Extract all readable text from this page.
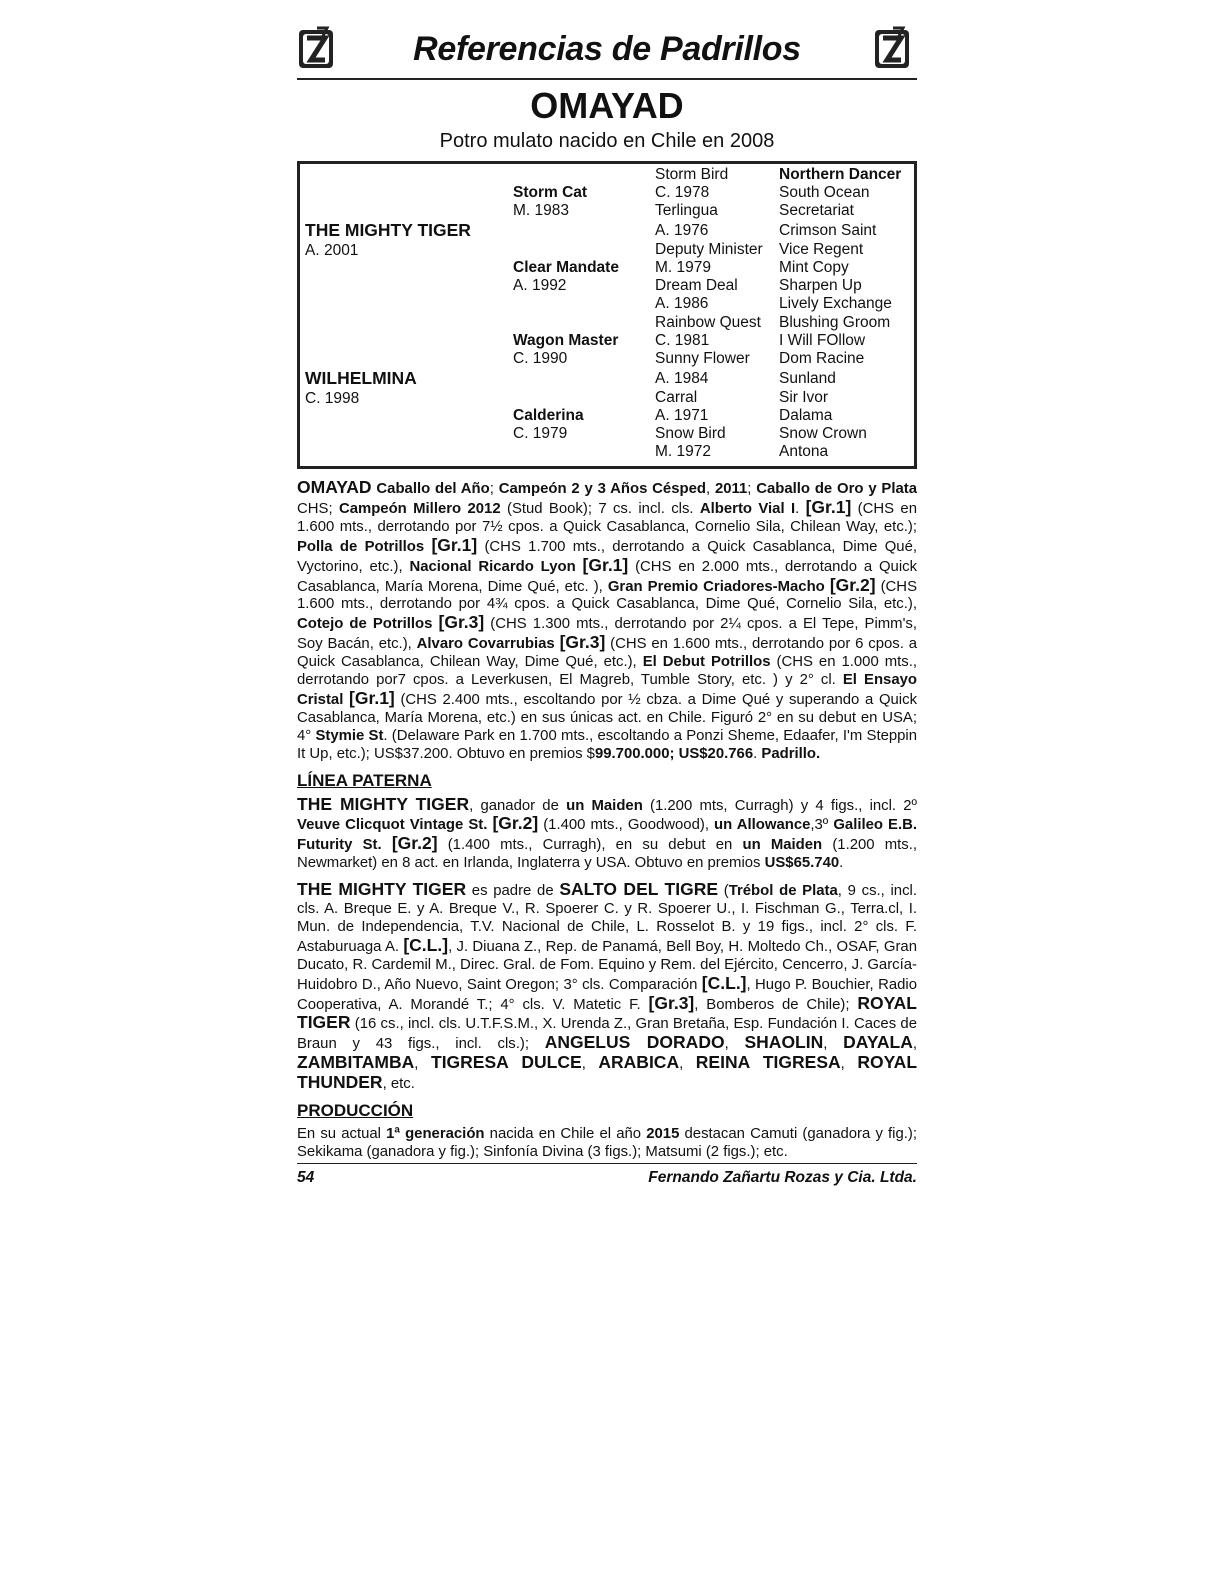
Referencias de Padrillos
OMAYAD
Potro mulato nacido en Chile en 2008
THE MIGHTY TIGER
A. 2001
WILHELMINA
C. 1998
Storm Cat
M. 1983
Clear Mandate
A. 1992
Wagon Master
C. 1990
Calderina
C. 1979
Storm Bird
C. 1978
Terlingua
A. 1976
Deputy Minister
M. 1979
Dream Deal
A. 1986
Rainbow Quest
C. 1981
Sunny Flower
A. 1984
Carral
A. 1971
Snow Bird
M. 1972
Northern Dancer
South Ocean
Secretariat
Crimson Saint
Vice Regent
Mint Copy
Sharpen Up
Lively Exchange
Blushing Groom
I Will FOllow
Dom Racine
Sunland
Sir Ivor
Dalama
Snow Crown
Antona

OMAYAD Caballo del Año; Campeón 2 y 3 Años Césped, 2011; Caballo de Oro y Plata CHS; Campeón Millero 2012 (Stud Book); 7 cs. incl. cls. Alberto Vial I. [Gr.1] (CHS en 1.600 mts., derrotando por 7½ cpos. a Quick Casablanca, Cornelio Sila, Chilean Way, etc.); Polla de Potrillos [Gr.1] (CHS 1.700 mts., derrotando a Quick Casablanca, Dime Qué, Vyctorino, etc.), Nacional Ricardo Lyon [Gr.1] (CHS en 2.000 mts., derrotando a Quick Casablanca, María Morena, Dime Qué, etc. ), Gran Premio Criadores-Macho [Gr.2] (CHS 1.600 mts., derrotando por 4¾ cpos. a Quick Casablanca, Dime Qué, Cornelio Sila, etc.), Cotejo de Potrillos [Gr.3] (CHS 1.300 mts., derrotando por 2¼ cpos. a El Tepe, Pimm's, Soy Bacán, etc.), Alvaro Covarrubias [Gr.3] (CHS en 1.600 mts., derrotando por 6 cpos. a Quick Casablanca, Chilean Way, Dime Qué, etc.), El Debut Potrillos (CHS en 1.000 mts., derrotando por7 cpos. a Leverkusen, El Magreb, Tumble Story, etc. ) y 2° cl. El Ensayo Cristal [Gr.1] (CHS 2.400 mts., escoltando por ½ cbza. a Dime Qué y superando a Quick Casablanca, María Morena, etc.) en sus únicas act. en Chile. Figuró 2° en su debut en USA; 4° Stymie St. (Delaware Park en 1.700 mts., escoltando a Ponzi Sheme, Edaafer, I'm Steppin It Up, etc.); US$37.200. Obtuvo en premios $99.700.000; US$20.766. Padrillo.

LÍNEA PATERNA

THE MIGHTY TIGER, ganador de un Maiden (1.200 mts, Curragh) y 4 figs., incl. 2º Veuve Clicquot Vintage St. [Gr.2] (1.400 mts., Goodwood), un Allowance,3º Galileo E.B. Futurity St. [Gr.2] (1.400 mts., Curragh), en su debut en un Maiden (1.200 mts., Newmarket) en 8 act. en Irlanda, Inglaterra y USA. Obtuvo en premios US$65.740.

THE MIGHTY TIGER es padre de SALTO DEL TIGRE (Trébol de Plata, 9 cs., incl. cls. A. Breque E. y A. Breque V., R. Spoerer C. y R. Spoerer U., I. Fischman G., Terra.cl, I. Mun. de Independencia, T.V. Nacional de Chile, L. Rosselot B. y 19 figs., incl. 2° cls. F. Astaburuaga A. [C.L.], J. Diuana Z., Rep. de Panamá, Bell Boy, H. Moltedo Ch., OSAF, Gran Ducato, R. Cardemil M., Direc. Gral. de Fom. Equino y Rem. del Ejército, Cencerro, J. García-Huidobro D., Año Nuevo, Saint Oregon; 3° cls. Comparación [C.L.], Hugo P. Bouchier, Radio Cooperativa, A. Morandé T.; 4° cls. V. Matetic F. [Gr.3], Bomberos de Chile); ROYAL TIGER (16 cs., incl. cls. U.T.F.S.M., X. Urenda Z., Gran Bretaña, Esp. Fundación I. Caces de Braun y 43 figs., incl. cls.); ANGELUS DORADO, SHAOLIN, DAYALA, ZAMBITAMBA, TIGRESA DULCE, ARABICA, REINA TIGRESA, ROYAL THUNDER, etc.

PRODUCCIÓN

En su actual 1ª generación nacida en Chile el año 2015 destacan Camuti (ganadora y fig.); Sekikama (ganadora y fig.); Sinfonía Divina (3 figs.); Matsumi (2 figs.); etc.

54	Fernando Zañartu Rozas y Cia. Ltda.
